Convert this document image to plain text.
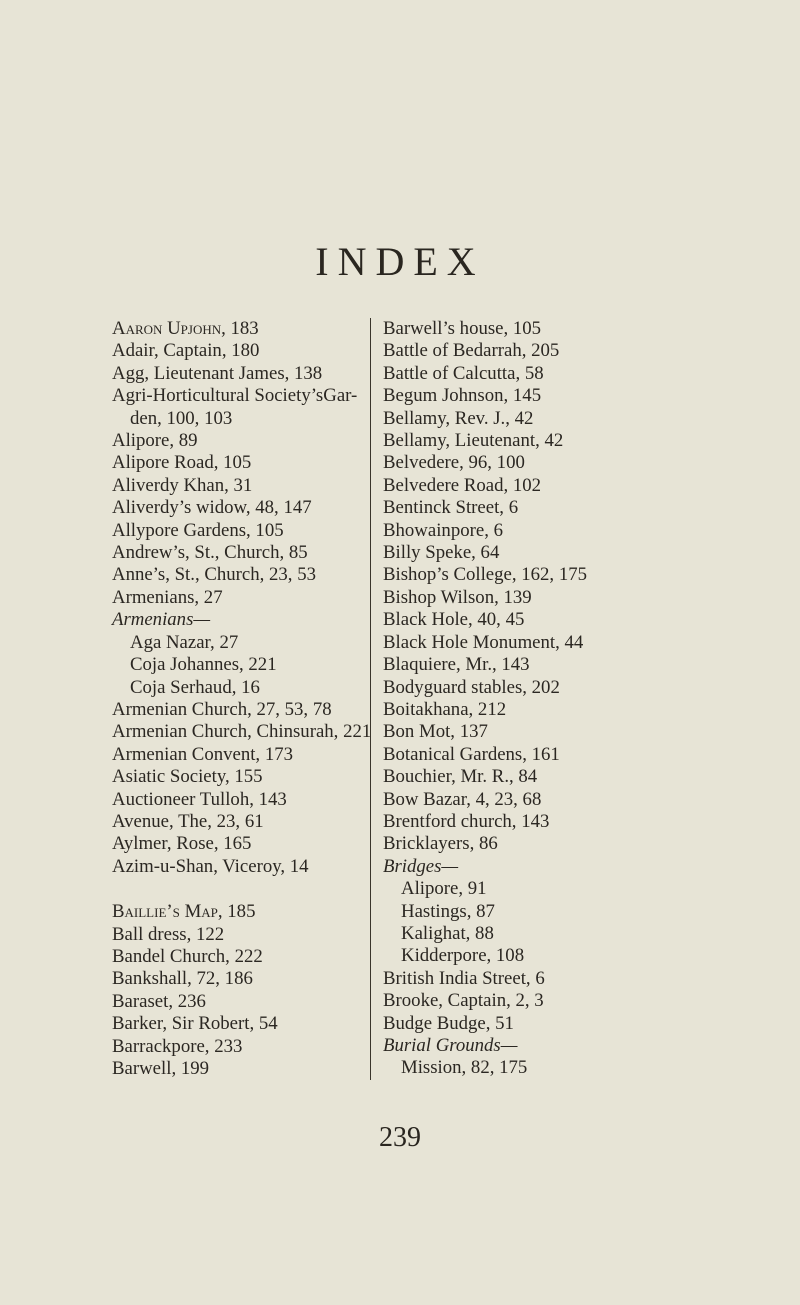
INDEX
Aaron Upjohn, 183
Adair, Captain, 180
Agg, Lieutenant James, 138
Agri-Horticultural Society’s Gar-
den, 100, 103
Alipore, 89
Alipore Road, 105
Aliverdy Khan, 31
Aliverdy’s widow, 48, 147
Allypore Gardens, 105
Andrew’s, St., Church, 85
Anne’s, St., Church, 23, 53
Armenians, 27
Armenians—
Aga Nazar, 27
Coja Johannes, 221
Coja Serhaud, 16
Armenian Church, 27, 53, 78
Armenian Church, Chinsurah, 221
Armenian Convent, 173
Asiatic Society, 155
Auctioneer Tulloh, 143
Avenue, The, 23, 61
Aylmer, Rose, 165
Azim-u-Shan, Viceroy, 14
Baillie’s Map, 185
Ball dress, 122
Bandel Church, 222
Bankshall, 72, 186
Baraset, 236
Barker, Sir Robert, 54
Barrackpore, 233
Barwell, 199
Barwell’s house, 105
Battle of Bedarrah, 205
Battle of Calcutta, 58
Begum Johnson, 145
Bellamy, Rev. J., 42
Bellamy, Lieutenant, 42
Belvedere, 96, 100
Belvedere Road, 102
Bentinck Street, 6
Bhowainpore, 6
Billy Speke, 64
Bishop’s College, 162, 175
Bishop Wilson, 139
Black Hole, 40, 45
Black Hole Monument, 44
Blaquiere, Mr., 143
Bodyguard stables, 202
Boitakhana, 212
Bon Mot, 137
Botanical Gardens, 161
Bouchier, Mr. R., 84
Bow Bazar, 4, 23, 68
Brentford church, 143
Bricklayers, 86
Bridges—
Alipore, 91
Hastings, 87
Kalighat, 88
Kidderpore, 108
British India Street, 6
Brooke, Captain, 2, 3
Budge Budge, 51
Burial Grounds—
Mission, 82, 175
239
